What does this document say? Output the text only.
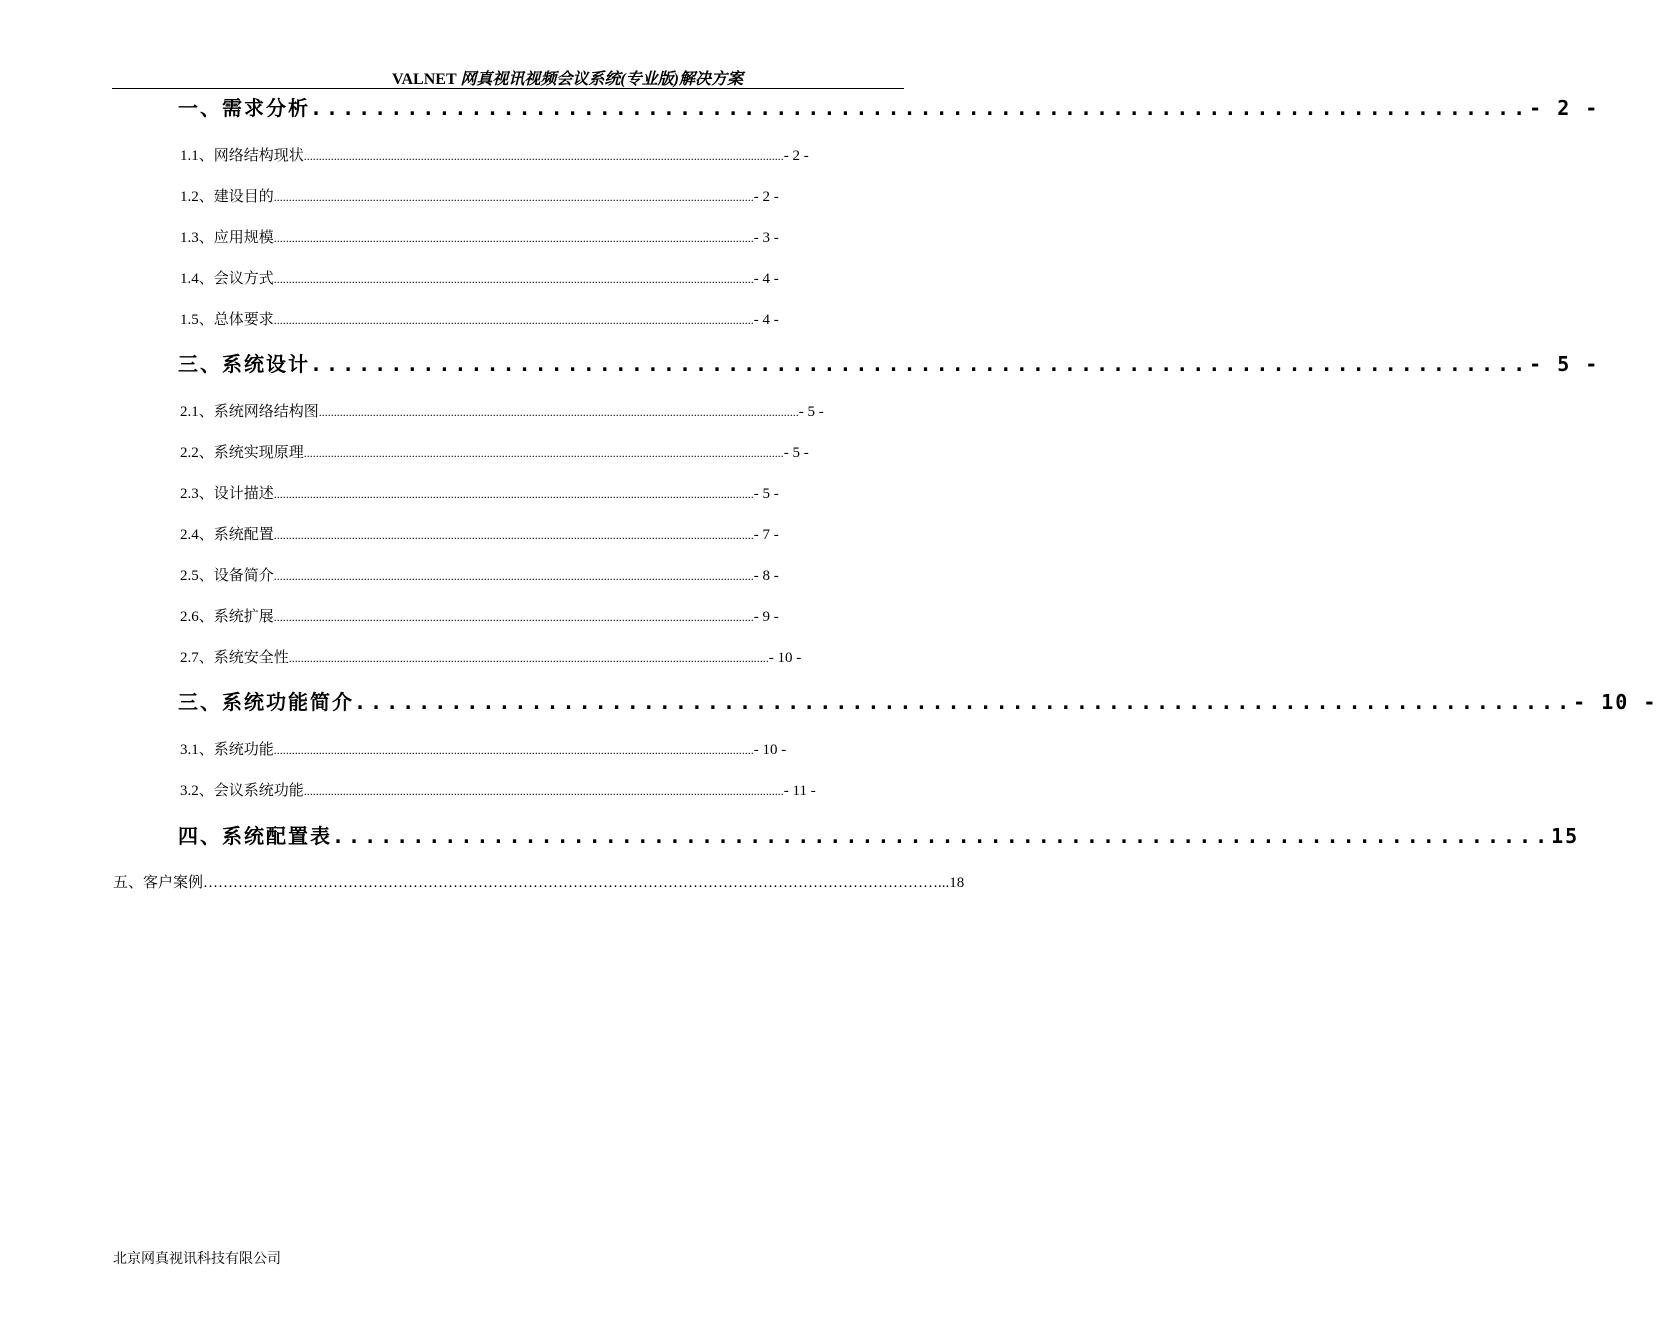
VALNET 网真视讯视频会议系统(专业版)解决方案
一、需求分析 ............................................................................ - 2 -
1.1、网络结构现状 ................................................................................................................................................................ - 2 -
1.2、建设目的 ................................................................................................................................................................ - 2 -
1.3、应用规模 ................................................................................................................................................................ - 3 -
1.4、会议方式 ................................................................................................................................................................ - 4 -
1.5、总体要求 ................................................................................................................................................................ - 4 -
三、系统设计 ............................................................................ - 5 -
2.1、系统网络结构图 ................................................................................................................................................................ - 5 -
2.2、系统实现原理 ................................................................................................................................................................ - 5 -
2.3、设计描述 ................................................................................................................................................................ - 5 -
2.4、系统配置 ................................................................................................................................................................ - 7 -
2.5、设备简介 ................................................................................................................................................................ - 8 -
2.6、系统扩展 ................................................................................................................................................................ - 9 -
2.7、系统安全性 ................................................................................................................................................................ - 10 -
三、系统功能简介 ............................................................................ - 10 -
3.1、系统功能 ................................................................................................................................................................ - 10 -
3.2、会议系统功能 ................................................................................................................................................................ - 11 -
四、系统配置表 ............................................................................ 15
五、客户案例 ………………………………………………………………………………………………………………………………… ...18
北京网真视讯科技有限公司
